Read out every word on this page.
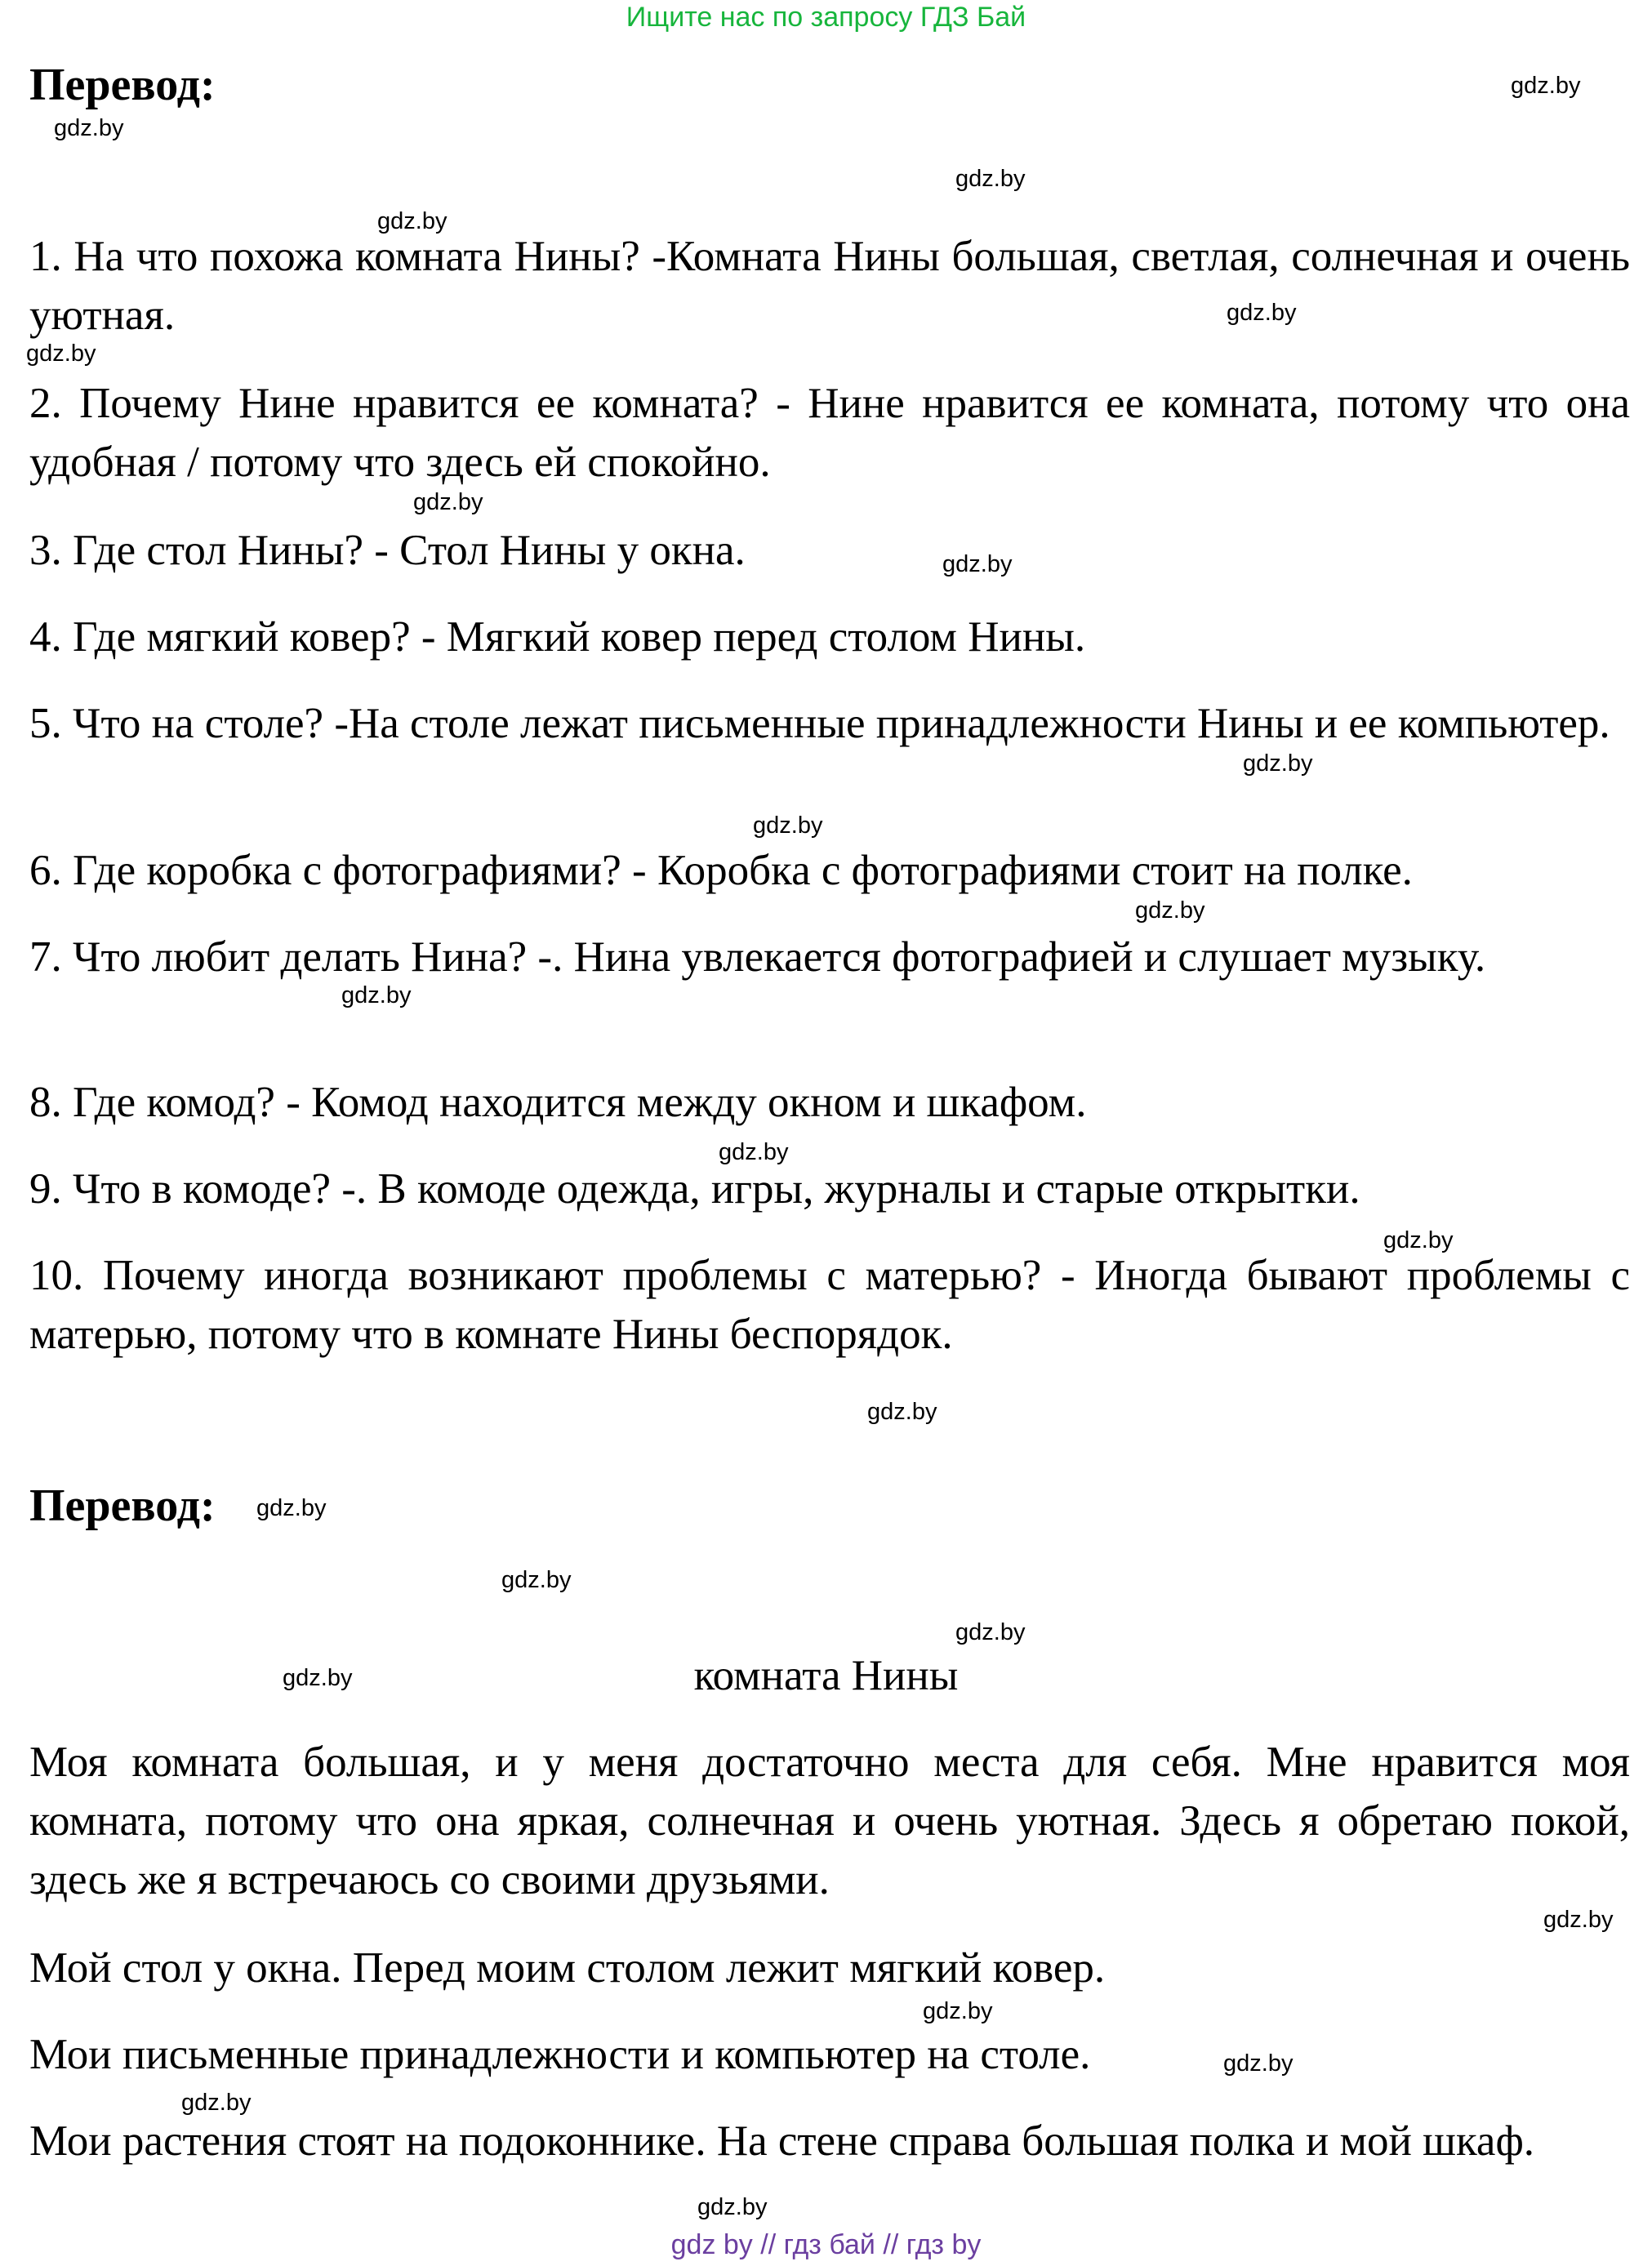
Ищите нас по запросу ГДЗ Бай
Перевод:

1. На что похожа комната Нины? -Комната Нины большая, светлая, солнечная и очень уютная.

2. Почему Нине нравится ее комната? - Нине нравится ее комната, потому что она удобная / потому что здесь ей спокойно.

3. Где стол Нины? - Стол Нины у окна.

4. Где мягкий ковер? - Мягкий ковер перед столом Нины.

5. Что на столе? -На столе лежат письменные принадлежности Нины и ее компьютер.

6. Где коробка с фотографиями? - Коробка с фотографиями стоит на полке.

7. Что любит делать Нина? -. Нина увлекается фотографией и слушает музыку.

8. Где комод? - Комод находится между окном и шкафом.

9. Что в комоде? -. В комоде одежда, игры, журналы и старые открытки.

10. Почему иногда возникают проблемы с матерью? - Иногда бывают проблемы с матерью, потому что в комнате Нины беспорядок.

Перевод:
комната Нины

Моя комната большая, и у меня достаточно места для себя. Мне нравится моя комната, потому что она яркая, солнечная и очень уютная. Здесь я обретаю покой, здесь же я встречаюсь со своими друзьями.

Мой стол у окна. Перед моим столом лежит мягкий ковер.

Мои письменные принадлежности и компьютер на столе.

Мои растения стоят на подоконнике. На стене справа большая полка и мой шкаф.

gdz.by
gdz.by
gdz.by
gdz.by
gdz.by
gdz.by
gdz.by
gdz.by
gdz.by
gdz.by
gdz.by
gdz.by
gdz.by
gdz.by
gdz.by
gdz.by
gdz.by
gdz.by
gdz.by
gdz.by
gdz.by
gdz.by
gdz.by
gdz.by
gdz by // гдз бай // гдз by
